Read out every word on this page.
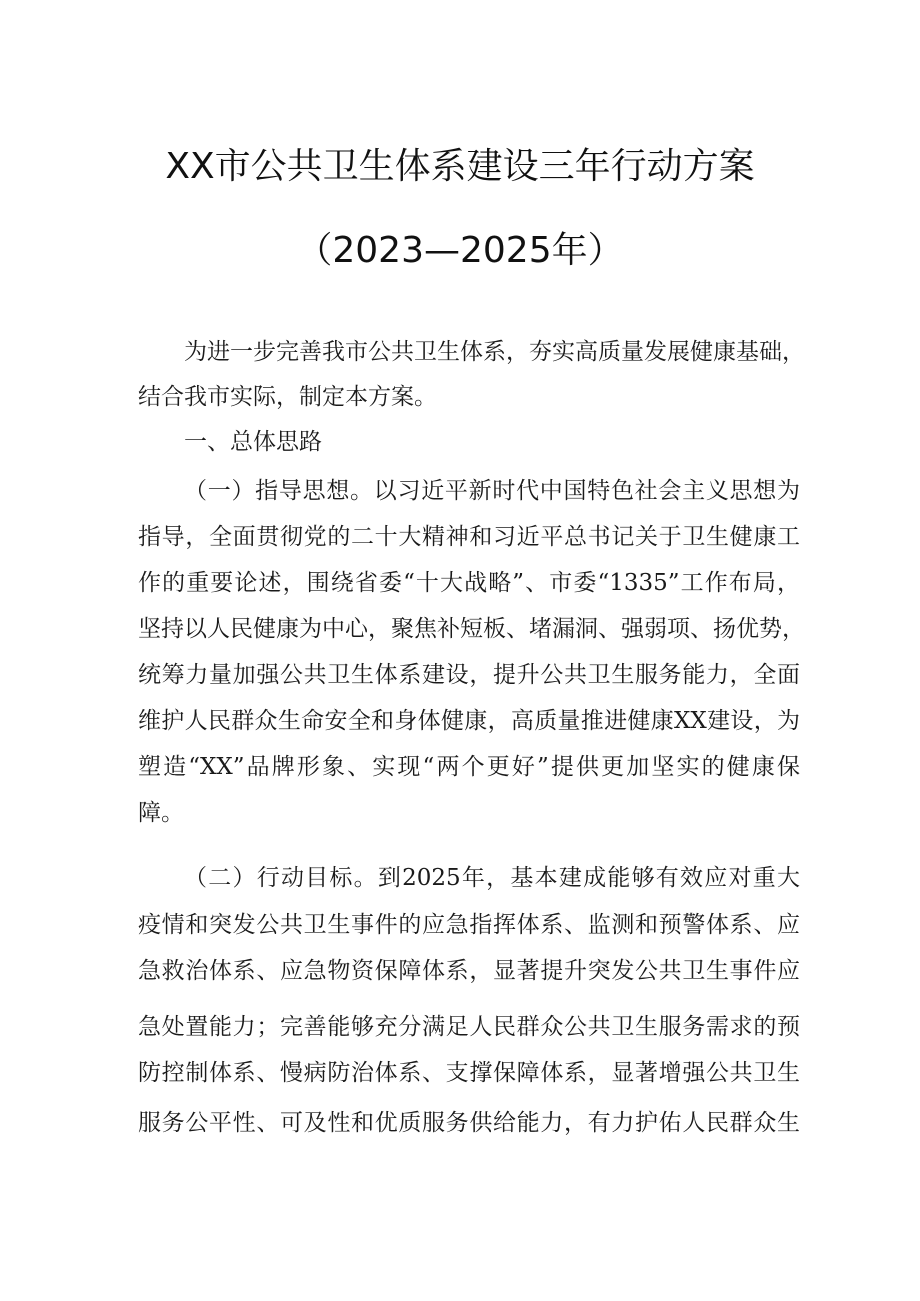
XX市公共卫生体系建设三年行动方案
（2023—2025年）
为进一步完善我市公共卫生体系，夯实高质量发展健康基础，
结合我市实际，制定本方案。
一、总体思路
（一）指导思想。以习近平新时代中国特色社会主义思想为
指导，全面贯彻党的二十大精神和习近平总书记关于卫生健康工
作的重要论述，围绕省委“十大战略”、市委“1335”工作布局，
坚持以人民健康为中心，聚焦补短板、堵漏洞、强弱项、扬优势，
统筹力量加强公共卫生体系建设，提升公共卫生服务能力，全面
维护人民群众生命安全和身体健康，高质量推进健康XX建设，为
塑造“XX”品牌形象、实现“两个更好”提供更加坚实的健康保
障。
（二）行动目标。到2025年，基本建成能够有效应对重大
疫情和突发公共卫生事件的应急指挥体系、监测和预警体系、应
急救治体系、应急物资保障体系，显著提升突发公共卫生事件应
急处置能力；完善能够充分满足人民群众公共卫生服务需求的预
防控制体系、慢病防治体系、支撑保障体系，显著增强公共卫生
服务公平性、可及性和优质服务供给能力，有力护佑人民群众生
